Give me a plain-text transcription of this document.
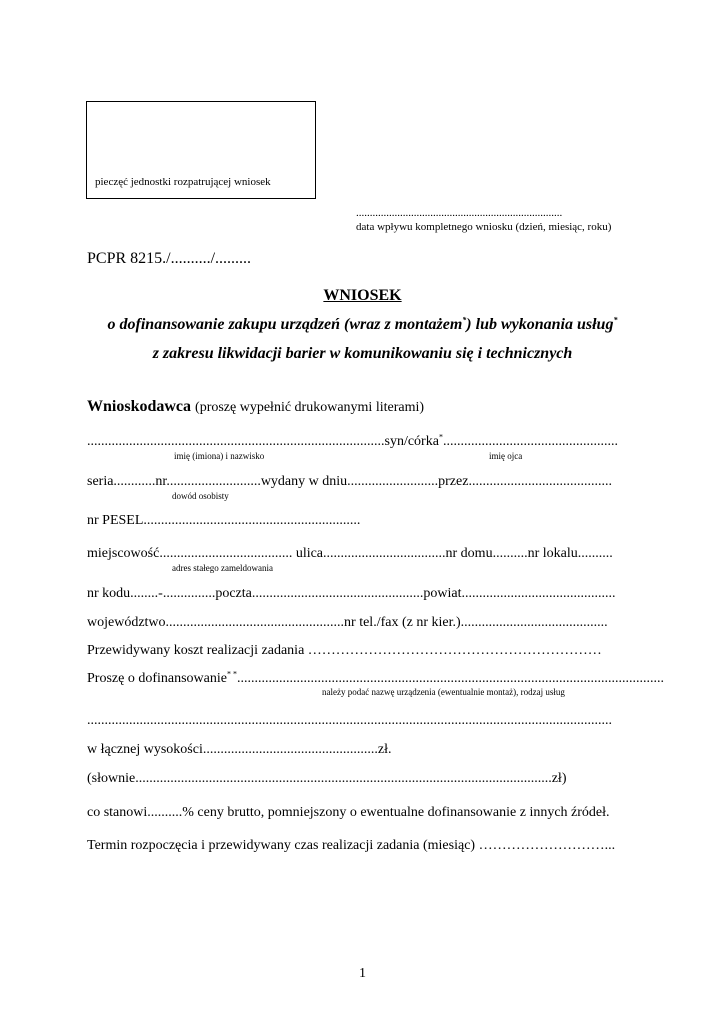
pieczęć jednostki rozpatrującej wniosek
...........................................................................
data wpływu kompletnego wniosku (dzień, miesiąc, roku)
PCPR 8215./........../.........
WNIOSEK
o dofinansowanie zakupu urządzeń (wraz z montażem*) lub wykonania usług*
z zakresu likwidacji barier w komunikowaniu się i technicznych
Wnioskodawca (proszę wypełnić drukowanymi literami)
.....................................................................................syn/córka*..................................................
imię (imiona) i nazwisko	imię ojca
seria............nr...........................wydany w dniu..........................przez.........................................
dowód osobisty
nr PESEL..............................................................
miejscowość...................................... ulica...................................nr domu..........nr lokalu..........
adres stałego zameldowania
nr kodu........-...............poczta.................................................powiat............................................
województwo...................................................nr tel./fax (z nr kier.)..........................................
Przewidywany koszt realizacji zadania ………………………………………………………
Proszę o dofinansowanie* *..........................................................................................................................
należy podać nazwę urządzenia (ewentualnie montaż), rodzaj usług
......................................................................................................................................................
w łącznej wysokości..................................................zł.
(słownie.......................................................................................................................zł)
co stanowi..........% ceny brutto, pomniejszony o ewentualne dofinansowanie z innych źródeł.
Termin rozpoczęcia i przewidywany czas realizacji zadania (miesiąc) ………………………...
1
